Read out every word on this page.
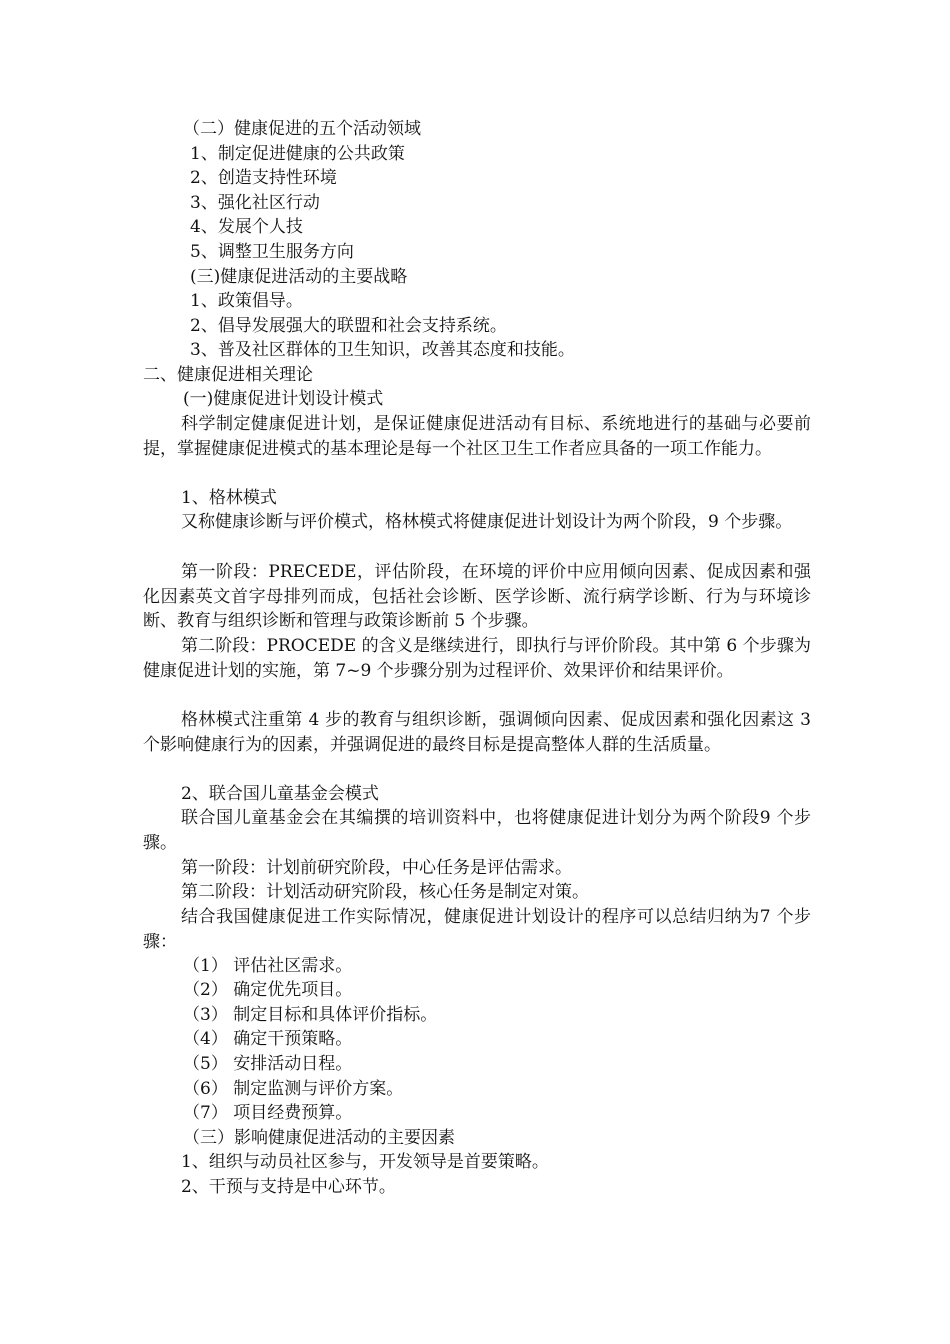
（二）健康促进的五个活动领域
1、制定促进健康的公共政策
2、创造支持性环境
3、强化社区行动
4、发展个人技
5、调整卫生服务方向
(三)健康促进活动的主要战略
1、政策倡导。
2、倡导发展强大的联盟和社会支持系统。
3、普及社区群体的卫生知识，改善其态度和技能。
二、健康促进相关理论
(一)健康促进计划设计模式

科学制定健康促进计划，是保证健康促进活动有目标、系统地进行的基础与必要前提，掌握健康促进模式的基本理论是每一个社区卫生工作者应具备的一项工作能力。

1、格林模式

又称健康诊断与评价模式，格林模式将健康促进计划设计为两个阶段，9 个步骤。

第一阶段：PRECEDE，评估阶段，在环境的评价中应用倾向因素、促成因素和强化因素英文首字母排列而成，包括社会诊断、医学诊断、流行病学诊断、行为与环境诊断、教育与组织诊断和管理与政策诊断前 5 个步骤。

第二阶段：PROCEDE 的含义是继续进行，即执行与评价阶段。其中第 6 个步骤为健康促进计划的实施，第 7~9 个步骤分别为过程评价、效果评价和结果评价。

格林模式注重第 4 步的教育与组织诊断，强调倾向因素、促成因素和强化因素这 3 个影响健康行为的因素，并强调促进的最终目标是提高整体人群的生活质量。

2、联合国儿童基金会模式

联合国儿童基金会在其编撰的培训资料中，也将健康促进计划分为两个阶段9 个步骤。

第一阶段：计划前研究阶段，中心任务是评估需求。
第二阶段：计划活动研究阶段，核心任务是制定对策。

结合我国健康促进工作实际情况，健康促进计划设计的程序可以总结归纳为7 个步骤：

（1） 评估社区需求。
（2） 确定优先项目。
（3） 制定目标和具体评价指标。
（4） 确定干预策略。
（5） 安排活动日程。
（6） 制定监测与评价方案。
（7） 项目经费预算。
（三）影响健康促进活动的主要因素
1、组织与动员社区参与，开发领导是首要策略。
2、干预与支持是中心环节。
